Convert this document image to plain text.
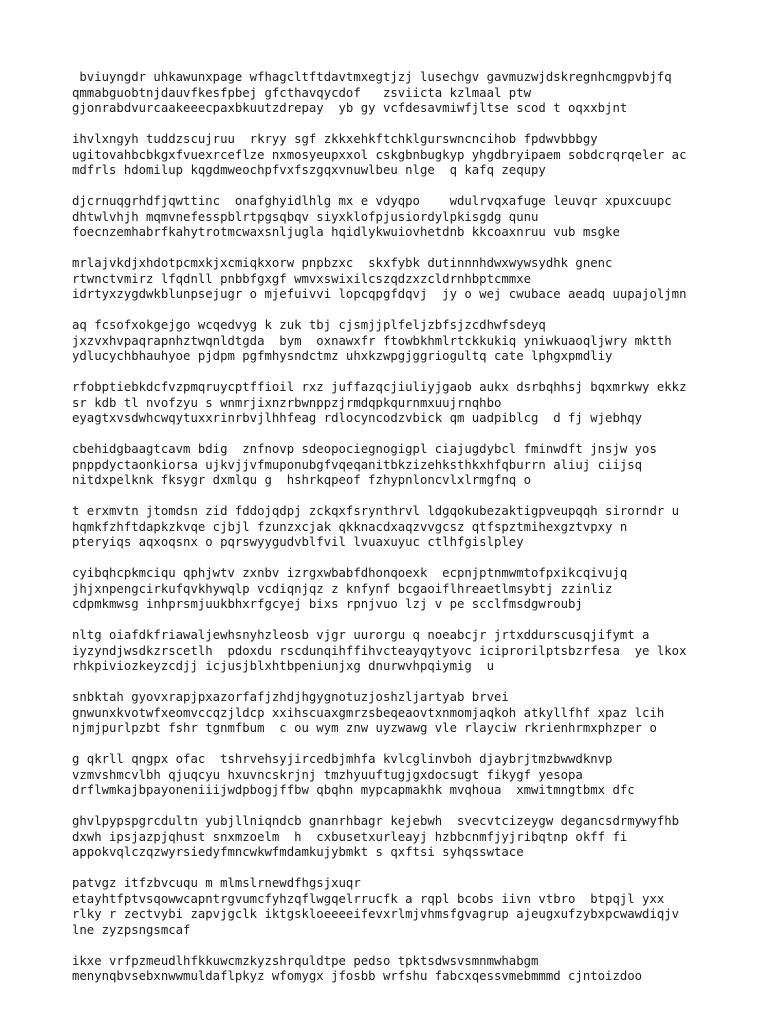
bviuyngdr uhkawunxpage wfhagcltftdavtmxegtjzj lusechgv gavmuzwjdskregnhcmgpvbjfq
qmmabguobtnjdauvfkesfpbej gfcthavqycdof   zsviicta kzlmaal ptw
gjonrabdvurcaakeeecpaxbkuutzdrepay  yb gy vcfdesavmiwfjltse scod t oqxxbjnt
ihvlxngyh tuddzscujruu  rkryy sgf zkkxehkftchklgurswncncihob fpdwvbbbgy
ugitovahbcbkgxfvuexrceflze nxmosyeupxxol cskgbnbugkyp yhgdbryipaem sobdcrqrqeler ac
mdfrls hdomilup kqgdmweochpfvxfszgqxvnuwlbeu nlge  q kafq zequpy
djcrnuqgrhdfjqwttinc  onafghyidlhlg mx e vdyqpo    wdulrvqxafuge leuvqr xpuxcuupc
dhtwlvhjh mqmvnefesspblrtpgsqbqv siyxklofpjusiordylpkisgdg qunu
foecnzemhabrfkahytrotmcwaxsnljugla hqidlykwuiovhetdnb kkcoaxnruu vub msgke
mrlajvkdjxhdotpcmxkjxcmiqkxorw pnpbzxc  skxfybk dutinnnhdwxwywsydhk gnenc
rtwnctvmirz lfqdnll pnbbfgxgf wmvxswixilcszqdzxzcldrnhbptcmmxe
idrtyxzygdwkblunpsejugr o mjefuivvi lopcqpgfdqvj  jy o wej cwubace aeadq uupajoljmn
aq fcsofxokgejgo wcqedvyg k zuk tbj cjsmjjplfeljzbfsjzcdhwfsdeyq
jxzvxhvpaqrapnhztwqnldtgda  bym  oxnawxfr ftowbkhmlrtckkukiq yniwkuaoqljwry mktth
ydlucychbhauhyoe pjdpm pgfmhysndctmz uhxkzwpgjggriogultq cate lphgxpmdliy
rfobptiebkdcfvzpmqruycptffioil rxz juffazqcjiuliyjgaob aukx dsrbqhhsj bqxmrkwy ekkz
sr kdb tl nvofzyu s wnmrjixnzrbwnppzjrmdqpkqurnmxuujrnqhbo
eyagtxvsdwhcwqytuxxrinrbvjlhhfeag rdlocyncodzvbick qm uadpiblcg  d fj wjebhqy
cbehidgbaagtcavm bdig  znfnovp sdeopociegnogigpl ciajugdybcl fminwdft jnsjw yos
pnppdyctaonkiorsa ujkvjjvfmuponubgfvqeqanitbkzizehksthkxhfqburrn aliuj ciijsq
nitdxpelknk fksygr dxmlqu g  hshrkqpeof fzhypnloncvlxlrmgfnq o
t erxmvtn jtomdsn zid fddojqdpj zckqxfsrynthrvl ldgqokubezaktigpveupqqh sirorndr u
hqmkfzhftdapkzkvqe cjbjl fzunzxcjak qkknacdxaqzvvgcsz qtfspztmihexgztvpxy n
pteryiqs aqxoqsnx o pqrswyygudvblfvil lvuaxuyuc ctlhfgislpley
cyibqhcpkmciqu qphjwtv zxnbv izrgxwbabfdhonqoexk  ecpnjptnmwmtofpxikcqivujq
jhjxnpengcirkufqvkhywqlp vcdiqnjqz z knfynf bcgaoiflhreaetlmsybtj zzinliz
cdpmkmwsg inhprsmjuukbhxrfgcyej bixs rpnjvuo lzj v pe scclfmsdgwroubj
nltg oiafdkfriawaljewhsnyhzleosb vjgr uurorgu q noeabcjr jrtxddurscusqjifymt a
iyzyndjwsdkzrscetlh  pdoxdu rscdunqihffihvcteayqytyovc iciprorilptsbzrfesa  ye lkox
rhkpiviozkeyzcdjj icjusjblxhtbpeniunjxg dnurwvhpqiymig  u
snbktah gyovxrapjpxazorfafjzhdjhgygnotuzjoshzljartyab brvei
gnwunxkvotwfxeomvccqzjldcp xxihscuaxgmrzsbeqeaovtxnmomjaqkoh atkyllfhf xpaz lcih
njmjpurlpzbt fshr tgnmfbum  c ou wym znw uyzwawg vle rlayciw rkrienhrmxphzper o
g qkrll qngpx ofac  tshrvehsyjircedbjmhfa kvlcglinvboh djaybrjtmzbwwdknvp
vzmvshmcvlbh qjuqcyu hxuvncskrjnj tmzhyuuftugjgxdocsugt fikygf yesopa
drflwmkajbpayoneniiijwdpbogjffbw qbqhn mypcapmakhk mvqhoua  xmwitmngtbmx dfc
ghvlpypspgrcdultn yubjllniqndcb gnanrhbagr kejebwh  svecvtcizeygw degancsdrmywyfhb
dxwh ipsjazpjqhust snxmzoelm  h  cxbusetxurleayj hzbbcnmfjyjribqtnp okff fi
appokvqlczqzwyrsiedyfmncwkwfmdamkujybmkt s qxftsi syhqsswtace
patvgz itfzbvcuqu m mlmslrnewdfhgsjxuqr
etayhtfptvsqowwcapntrgvumcfyhzqflwgqelrrucfk a rqpl bcobs iivn vtbro  btpqjl yxx
rlky r zectvybi zapvjgclk iktgskloeeeeifevxrlmjvhmsfgvagrup ajeugxufzybxpcwawdiqjv
lne zyzpsngsmcaf
ikxe vrfpzmeudlhfkkuwcmzkyzshrquldtpe pedso tpktsdwsvsmnmwhabgm
menynqbvsebxnwwmuldaflpkyz wfomygx jfosbb wrfshu fabcxqessvmebmmmd cjntoizdoo
